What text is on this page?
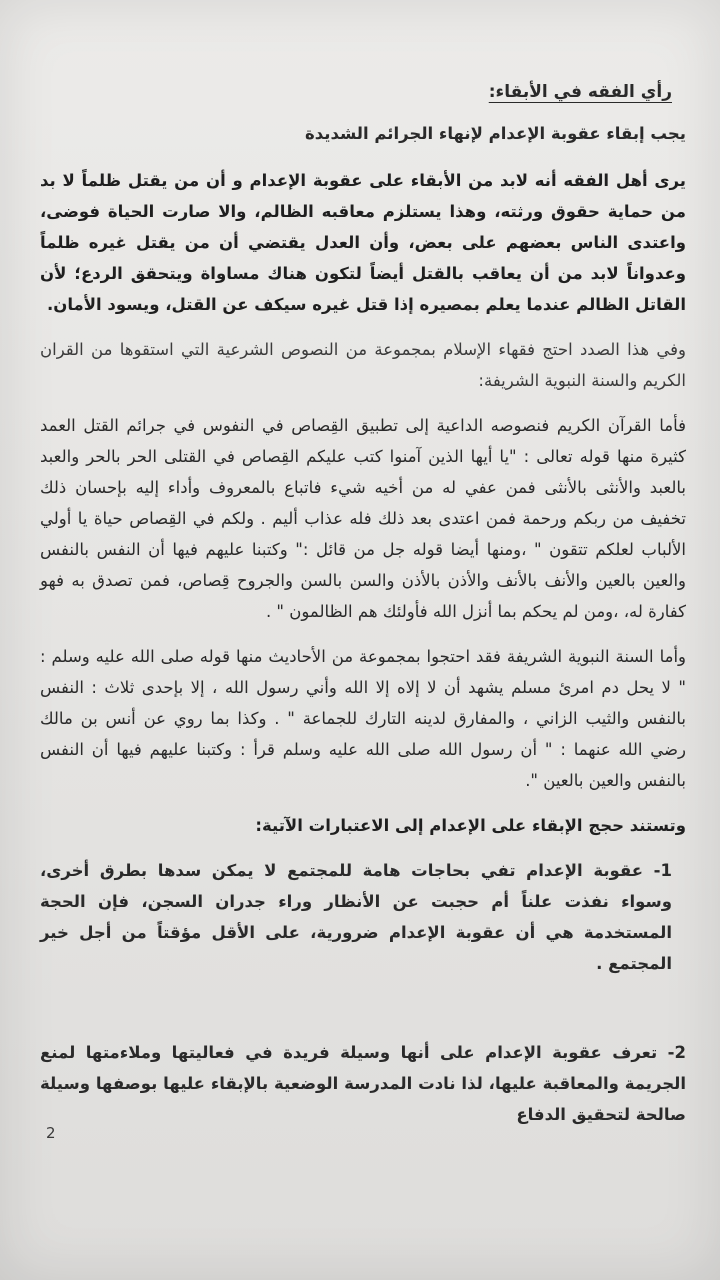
رأي الفقه في الأبقاء:
يجب إبقاء عقوبة الإعدام لإنهاء الجرائم الشديدة

يرى أهل الفقه أنه لابد من الأبقاء على عقوبة الإعدام و أن من يقتل ظلماً لا بد من حماية حقوق ورثته، وهذا يستلزم معاقبه الظالم، والا صارت الحياة فوضى، واعتدى الناس بعضهم على بعض، وأن العدل يقتضي أن من يقتل غيره ظلماً وعدواناً لابد من أن يعاقب بالقتل أيضاً لتكون هناك مساواة ويتحقق الردع؛ لأن القاتل الظالم عندما يعلم بمصيره إذا قتل غيره سيكف عن القتل، ويسود الأمان.

وفي هذا الصدد احتج فقهاء الإسلام بمجموعة من النصوص الشرعية التي استقوها من القران الكريم والسنة النبوية الشريفة:

فأما القرآن الكريم فنصوصه الداعية إلى تطبيق القِصاص في النفوس في جرائم القتل العمد كثيرة منها قوله تعالى : "يا أيها الذين آمنوا كتب عليكم القِصاص في القتلى الحر بالحر والعبد بالعبد والأنثى بالأنثى فمن عفي له من أخيه شيء فاتباع بالمعروف وأداء إليه بإحسان ذلك تخفيف من ربكم ورحمة فمن اعتدى بعد ذلك فله عذاب أليم . ولكم في القِصاص حياة يا أولي الألباب لعلكم تتقون " ،ومنها أيضا قوله جل من قائل :" وكتبنا عليهم فيها أن النفس بالنفس والعين بالعين والأنف بالأنف والأذن بالأذن والسن بالسن والجروح قِصاص، فمن تصدق به فهو كفارة له، ،ومن لم يحكم بما أنزل الله فأولئك هم الظالمون " .

وأما السنة النبوية الشريفة فقد احتجوا بمجموعة من الأحاديث منها قوله صلى الله عليه وسلم : " لا يحل دم امرئ مسلم يشهد أن لا إلاه إلا الله وأني رسول الله ، إلا بإحدى ثلاث : النفس بالنفس والثيب الزاني ، والمفارق لدينه التارك للجماعة " . وكذا بما روي عن أنس بن مالك رضي الله عنهما : " أن رسول الله صلى الله عليه وسلم قرأ : وكتبنا عليهم فيها أن النفس بالنفس والعين بالعين ".

وتستند حجج الإبقاء على الإعدام إلى الاعتبارات الآتية:

1- عقوبة الإعدام تفي بحاجات هامة للمجتمع لا يمكن سدها بطرق أخرى، وسواء نفذت علناً أم حجبت عن الأنظار وراء جدران السجن، فإن الحجة المستخدمة هي أن عقوبة الإعدام ضرورية، على الأقل مؤقتاً من أجل خير المجتمع .

2- تعرف عقوبة الإعدام على أنها وسيلة فريدة في فعاليتها وملاءمتها لمنع الجريمة والمعاقبة عليها، لذا نادت المدرسة الوضعية بالإبقاء عليها بوصفها وسيلة صالحة لتحقيق الدفاع

2
